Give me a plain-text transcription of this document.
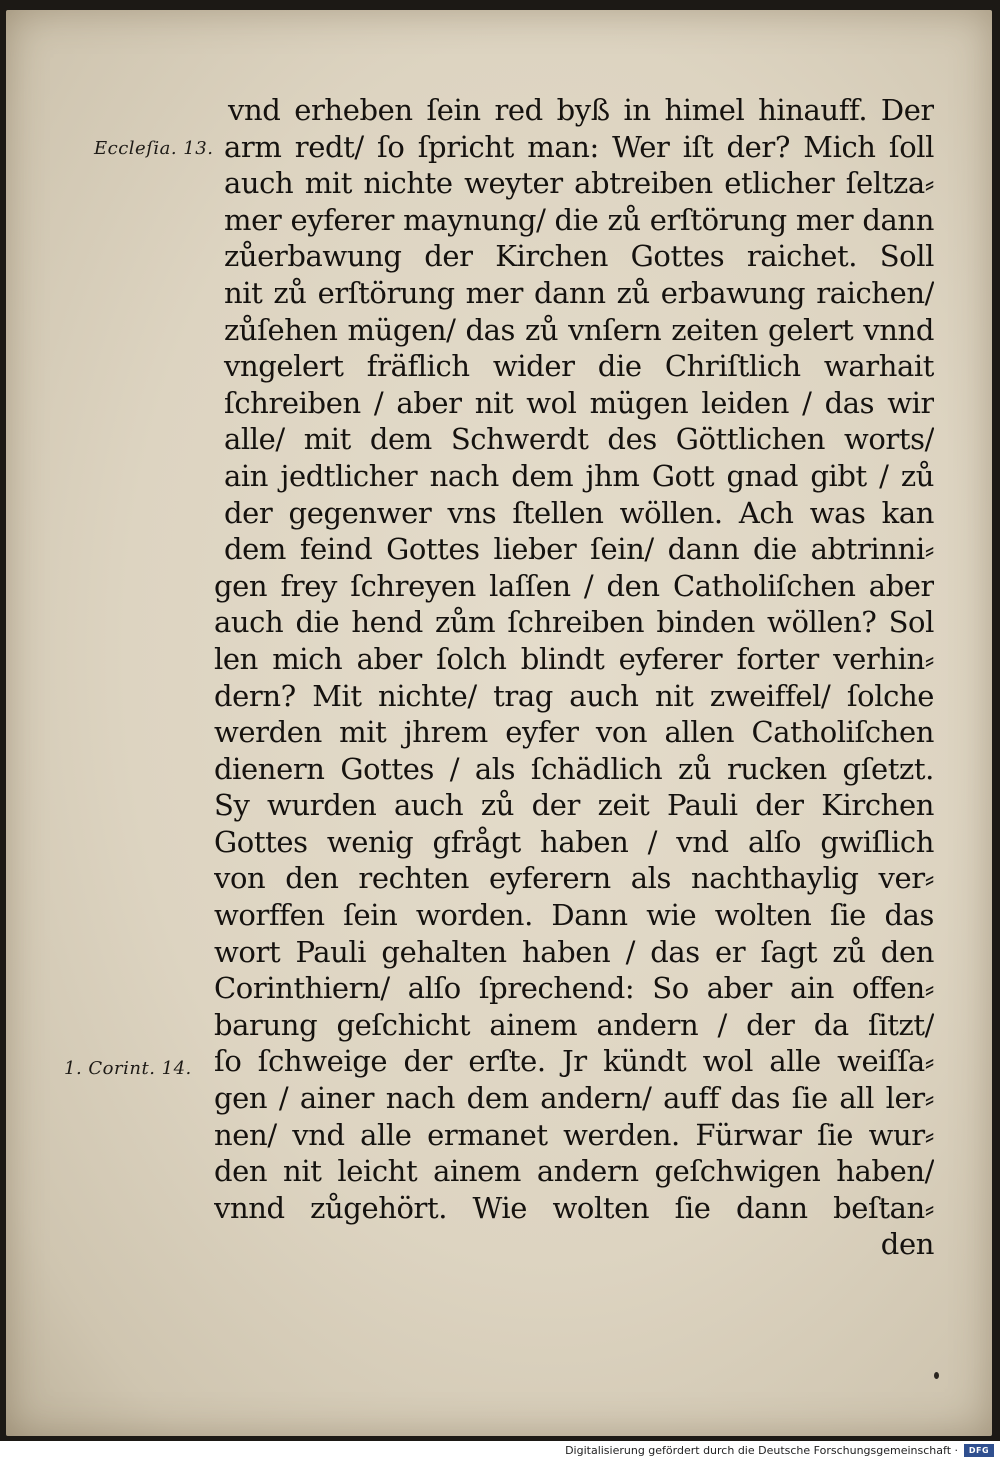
Eccleſia. 13.
1. Corint. 14.
vnd erheben ſein red byß in himel hinauff. Der
arm redt/ ſo ſpricht man: Wer iſt der? Mich ſoll
auch mit nichte weyter abtreiben etlicher ſeltza⸗
mer eyferer maynung/ die zů erſtörung mer dann
zůerbawung der Kirchen Gottes raichet. Soll
nit zů erſtörung mer dann zů erbawung raichen/
zůſehen mügen/ das zů vnſern zeiten gelert vnnd
vngelert fräflich wider die Chriſtlich warhait
ſchreiben / aber nit wol mügen leiden / das wir
alle/ mit dem Schwerdt des Göttlichen worts/
ain jedtlicher nach dem jhm Gott gnad gibt / zů
der gegenwer vns ſtellen wöllen. Ach was kan
dem feind Gottes lieber ſein/ dann die abtrinni⸗
gen frey ſchreyen laſſen / den Catholiſchen aber
auch die hend zům ſchreiben binden wöllen? Sol
len mich aber ſolch blindt eyferer forter verhin⸗
dern? Mit nichte/ trag auch nit zweiffel/ ſolche
werden mit jhrem eyfer von allen Catholiſchen
dienern Gottes / als ſchädlich zů rucken gſetzt.
Sy wurden auch zů der zeit Pauli der Kirchen
Gottes wenig gfrågt haben / vnd alſo gwiſlich
von den rechten eyferern als nachthaylig ver⸗
worffen ſein worden. Dann wie wolten ſie das
wort Pauli gehalten haben / das er ſagt zů den
Corinthiern/ alſo ſprechend: So aber ain offen⸗
barung geſchicht ainem andern / der da ſitzt/
ſo ſchweige der erſte. Jr kündt wol alle weiſſa⸗
gen / ainer nach dem andern/ auff das ſie all ler⸗
nen/ vnd alle ermanet werden. Fürwar ſie wur⸗
den nit leicht ainem andern geſchwigen haben/
vnnd zůgehört. Wie wolten ſie dann beſtan⸗
den
Digitalisierung gefördert durch die Deutsche Forschungsgemeinschaft ·	DFG
